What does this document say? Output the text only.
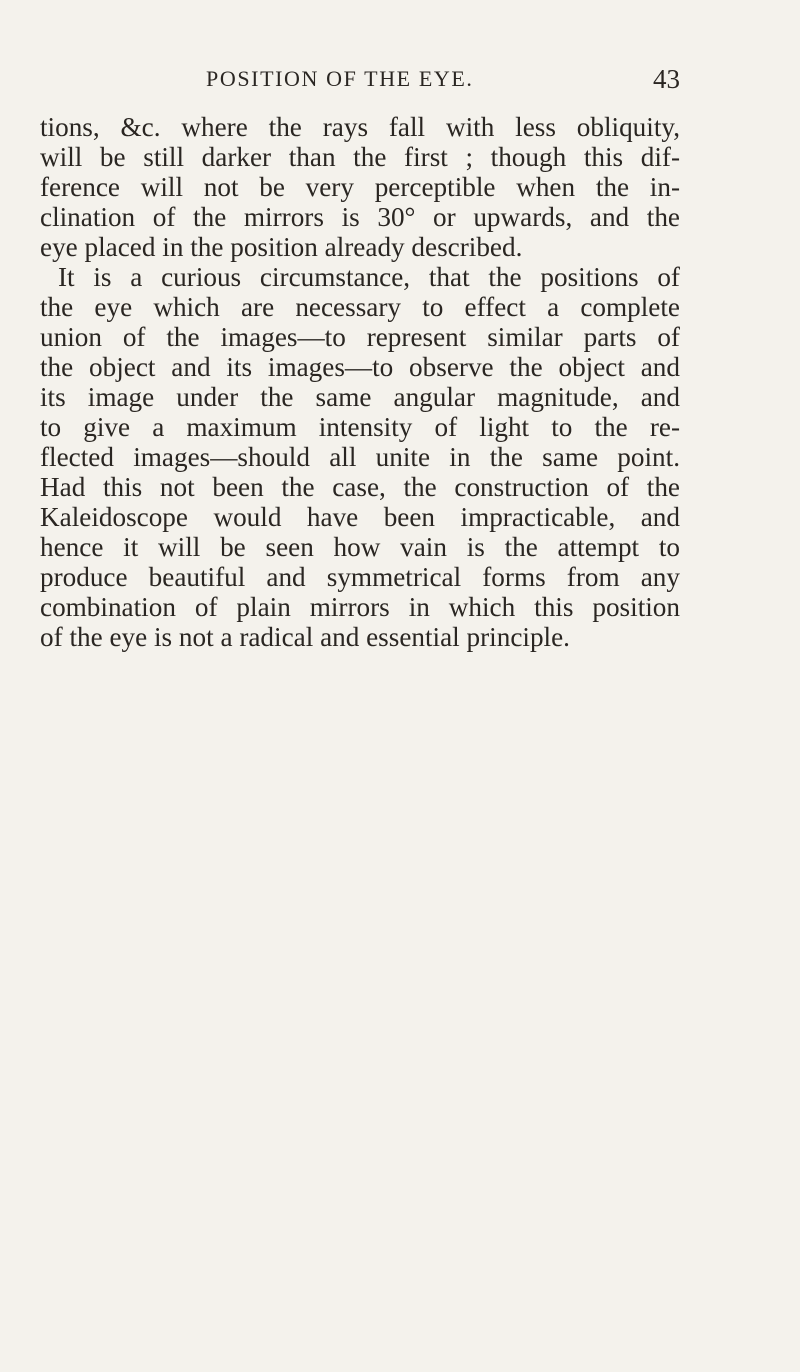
POSITION OF THE EYE.	43
tions, &c. where the rays fall with less obliquity,
will be still darker than the first ; though this dif-
ference will not be very perceptible when the in-
clination of the mirrors is 30° or upwards, and the
eye placed in the position already described.
It is a curious circumstance, that the positions of
the eye which are necessary to effect a complete
union of the images—to represent similar parts of
the object and its images—to observe the object and
its image under the same angular magnitude, and
to give a maximum intensity of light to the re-
flected images—should all unite in the same point.
Had this not been the case, the construction of the
Kaleidoscope would have been impracticable, and
hence it will be seen how vain is the attempt to
produce beautiful and symmetrical forms from any
combination of plain mirrors in which this position
of the eye is not a radical and essential principle.
